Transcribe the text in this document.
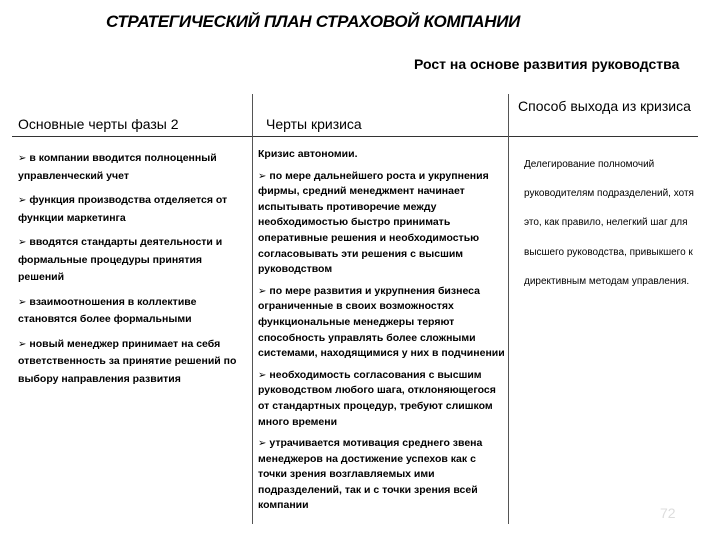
СТРАТЕГИЧЕСКИЙ ПЛАН СТРАХОВОЙ КОМПАНИИ
Рост на основе развития руководства
Основные черты фазы 2	Черты кризиса
Способ выхода из кризиса

➢ в компании вводится полноценный управленческий учет

➢ функция производства отделяется от функции маркетинга

➢ вводятся стандарты деятельности и формальные процедуры принятия решений

➢ взаимоотношения в коллективе становятся более формальными

➢ новый менеджер принимает на себя ответственность за принятие решений по выбору направления развития

Кризис автономии.

➢ по мере дальнейшего роста и укрупнения фирмы, средний менеджмент начинает испытывать противоречие между необходимостью быстро принимать оперативные решения и необходимостью согласовывать эти решения с высшим руководством

➢ по мере развития и укрупнения бизнеса ограниченные в своих возможностях функциональные менеджеры теряют способность управлять более сложными системами, находящимися у них в подчинении

➢ необходимость согласования с высшим руководством любого шага, отклоняющегося от стандартных процедур, требуют слишком много времени

➢ утрачивается мотивация среднего звена менеджеров на достижение успехов как с точки зрения возглавляемых ими подразделений, так и с точки зрения всей компании

Делегирование полномочий руководителям подразделений, хотя это, как правило, нелегкий шаг для высшего руководства, привыкшего к директивным методам управления.
72
